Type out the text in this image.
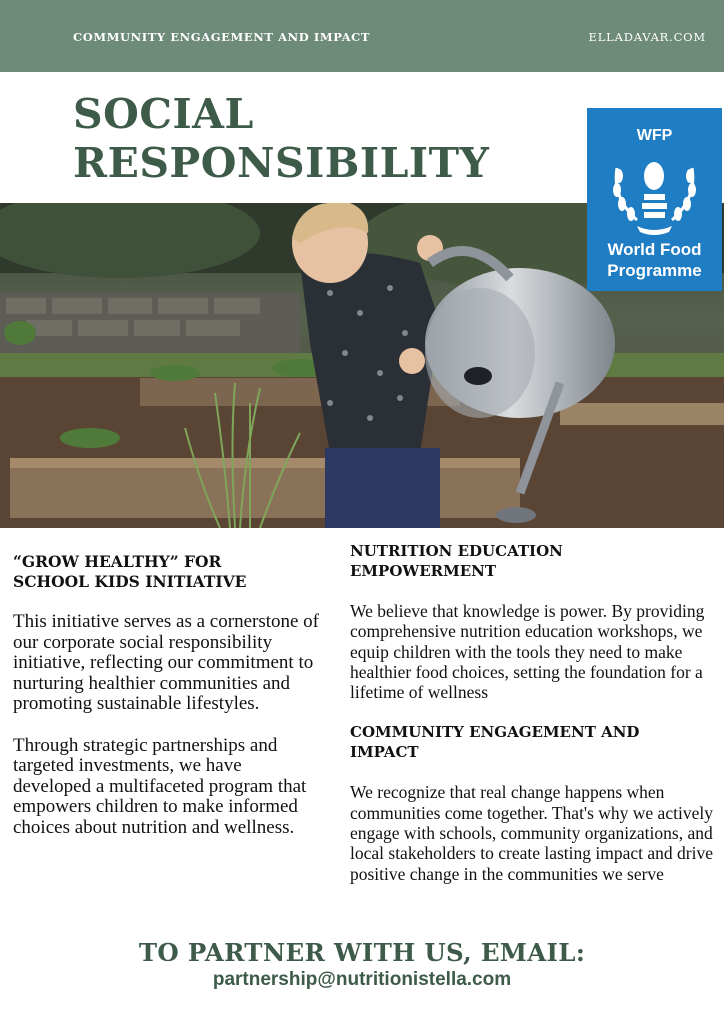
COMMUNITY ENGAGEMENT AND IMPACT	ELLADAVAR.COM
SOCIAL
RESPONSIBILITY
WFP
World Food
Programme
“GROW HEALTHY” FOR
SCHOOL KIDS INITIATIVE

This initiative serves as a cornerstone of our corporate social responsibility initiative, reflecting our commitment to nurturing healthier communities and promoting sustainable lifestyles.

Through strategic partnerships and targeted investments, we have developed a multifaceted program that empowers children to make informed choices about nutrition and wellness.

NUTRITION EDUCATION
EMPOWERMENT

We believe that knowledge is power. By providing comprehensive nutrition education workshops, we equip children with the tools they need to make healthier food choices, setting the foundation for a lifetime of wellness

COMMUNITY ENGAGEMENT AND
IMPACT

We recognize that real change happens when communities come together. That's why we actively engage with schools, community organizations, and local stakeholders to create lasting impact and drive positive change in the communities we serve

TO PARTNER WITH US, EMAIL:
partnership@nutritionistella.com
